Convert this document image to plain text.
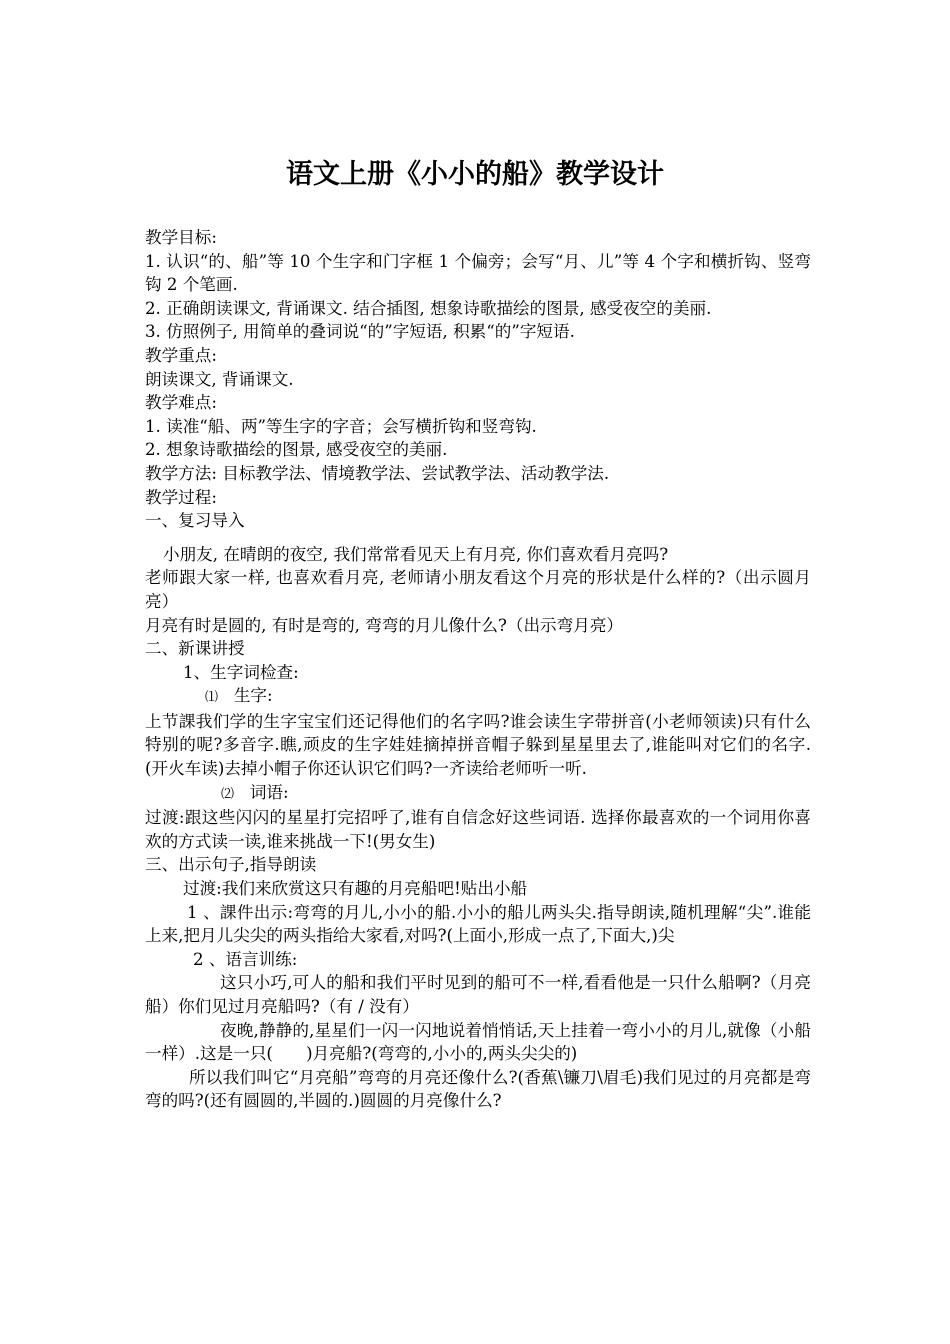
语文上册《小小的船》教学设计
教学目标:
1. 认识“的、船”等 10 个生字和门字框 1 个偏旁；会写“月、儿”等 4 个字和横折钩、竖弯钩 2 个笔画.
2. 正确朗读课文, 背诵课文. 结合插图, 想象诗歌描绘的图景, 感受夜空的美丽.
3. 仿照例子, 用简单的叠词说“的”字短语, 积累“的”字短语.
教学重点:
朗读课文, 背诵课文.
教学难点:
1. 读准“船、两”等生字的字音；会写横折钩和竖弯钩.
2. 想象诗歌描绘的图景, 感受夜空的美丽.
教学方法: 目标教学法、情境教学法、尝试教学法、活动教学法.
教学过程:
一、复习导入
小朋友, 在晴朗的夜空, 我们常常看见天上有月亮, 你们喜欢看月亮吗?
老师跟大家一样, 也喜欢看月亮, 老师请小朋友看这个月亮的形状是什么样的?（出示圆月亮）
月亮有时是圆的, 有时是弯的, 弯弯的月儿像什么?（出示弯月亮）
二、新课讲授
1、生字词检查:
⑴ 生字:
上节課我们学的生字宝宝们还记得他们的名字吗?谁会读生字带拼音(小老师领读)只有什么特别的呢?多音字.瞧,顽皮的生字娃娃摘掉拼音帽子躲到星星里去了,谁能叫对它们的名字.(开火车读)去掉小帽子你还认识它们吗?一齐读给老师听一听.
⑵ 词语:
过渡:跟这些闪闪的星星打完招呼了,谁有自信念好这些词语. 选择你最喜欢的一个词用你喜欢的方式读一读,谁来挑战一下!(男女生)
三、出示句子,指导朗读
过渡:我们来欣赏这只有趣的月亮船吧!贴出小船
1 、課件出示:弯弯的月儿,小小的船.小小的船儿两头尖.指导朗读,随机理解“尖”.谁能上来,把月儿尖尖的两头指给大家看,对吗?(上面小,形成一点了,下面大,)尖
2 、语言训练:
这只小巧,可人的船和我们平时见到的船可不一样,看看他是一只什么船啊?（月亮船）你们见过月亮船吗?（有 / 没有）
夜晚,静静的,星星们一闪一闪地说着悄悄话,天上挂着一弯小小的月儿,就像（小船一样）.这是一只(　　)月亮船?(弯弯的,小小的,两头尖尖的)
所以我们叫它“月亮船”弯弯的月亮还像什么?(香蕉\镰刀\眉毛)我们见过的月亮都是弯弯的吗?(还有圆圆的,半圆的.)圆圆的月亮像什么?
